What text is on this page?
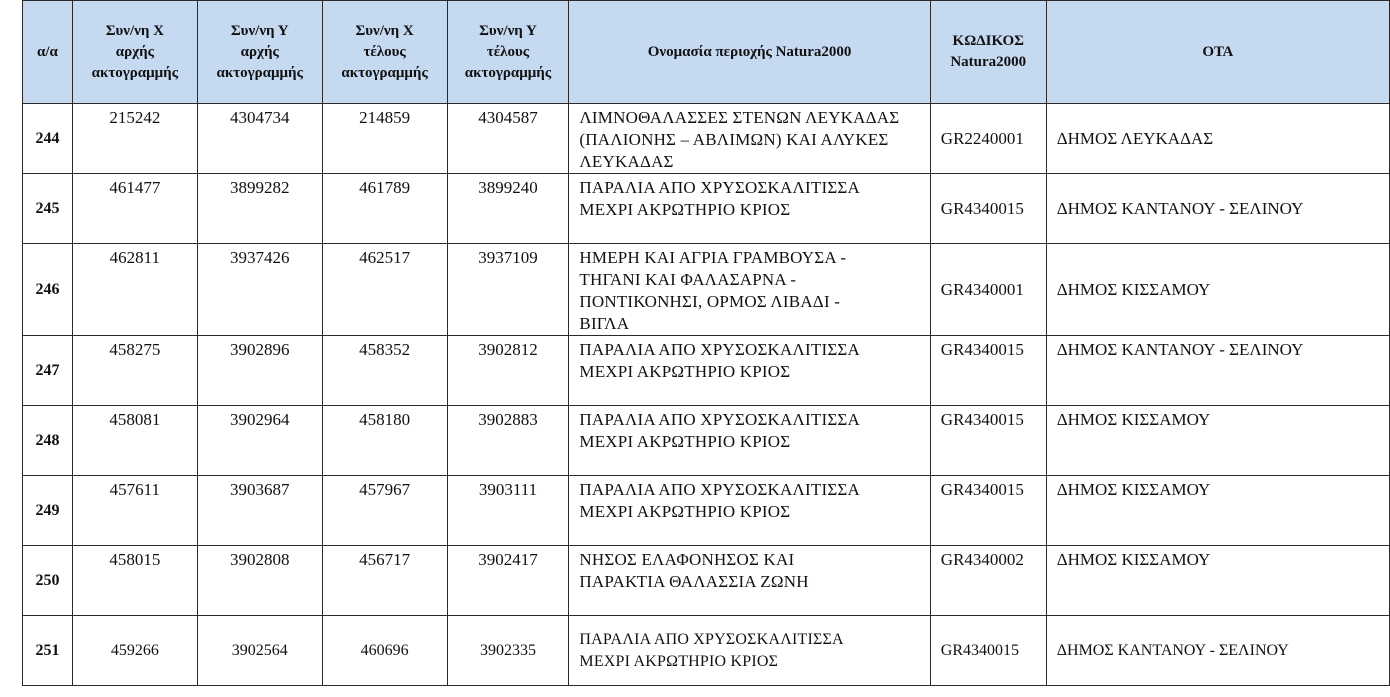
α/α	Συν/νη Χ
αρχής
ακτογραμμής	Συν/νη Υ
αρχής
ακτογραμμής	Συν/νη Χ
τέλους
ακτογραμμής	Συν/νη Υ
τέλους
ακτογραμμής	Ονομασία περιοχής Natura2000	ΚΩΔΙΚΟΣ
Natura2000	ΟΤΑ
244	215242	4304734	214859	4304587	ΛΙΜΝΟΘΑΛΑΣΣΕΣ ΣΤΕΝΩΝ ΛΕΥΚΑΔΑΣ
(ΠΑΛΙΟΝΗΣ – ΑΒΛΙΜΩΝ) ΚΑΙ ΑΛΥΚΕΣ
ΛΕΥΚΑΔΑΣ	GR2240001	ΔΗΜΟΣ ΛΕΥΚΑΔΑΣ
245	461477	3899282	461789	3899240	ΠΑΡΑΛΙΑ ΑΠΟ ΧΡΥΣΟΣΚΑΛΙΤΙΣΣΑ
ΜΕΧΡΙ ΑΚΡΩΤΗΡΙΟ ΚΡΙΟΣ	GR4340015	ΔΗΜΟΣ ΚΑΝΤΑΝΟΥ - ΣΕΛΙΝΟΥ
246	462811	3937426	462517	3937109	ΗΜΕΡΗ ΚΑΙ ΑΓΡΙΑ ΓΡΑΜΒΟΥΣΑ -
ΤΗΓΑΝΙ ΚΑΙ ΦΑΛΑΣΑΡΝΑ -
ΠΟΝΤΙΚΟΝΗΣΙ, ΟΡΜΟΣ ΛΙΒΑΔΙ -
ΒΙΓΛΑ	GR4340001	ΔΗΜΟΣ ΚΙΣΣΑΜΟΥ
247	458275	3902896	458352	3902812	ΠΑΡΑΛΙΑ ΑΠΟ ΧΡΥΣΟΣΚΑΛΙΤΙΣΣΑ
ΜΕΧΡΙ ΑΚΡΩΤΗΡΙΟ ΚΡΙΟΣ	GR4340015	ΔΗΜΟΣ ΚΑΝΤΑΝΟΥ - ΣΕΛΙΝΟΥ
248	458081	3902964	458180	3902883	ΠΑΡΑΛΙΑ ΑΠΟ ΧΡΥΣΟΣΚΑΛΙΤΙΣΣΑ
ΜΕΧΡΙ ΑΚΡΩΤΗΡΙΟ ΚΡΙΟΣ	GR4340015	ΔΗΜΟΣ ΚΙΣΣΑΜΟΥ
249	457611	3903687	457967	3903111	ΠΑΡΑΛΙΑ ΑΠΟ ΧΡΥΣΟΣΚΑΛΙΤΙΣΣΑ
ΜΕΧΡΙ ΑΚΡΩΤΗΡΙΟ ΚΡΙΟΣ	GR4340015	ΔΗΜΟΣ ΚΙΣΣΑΜΟΥ
250	458015	3902808	456717	3902417	ΝΗΣΟΣ ΕΛΑΦΟΝΗΣΟΣ ΚΑΙ
ΠΑΡΑΚΤΙΑ ΘΑΛΑΣΣΙΑ ΖΩΝΗ	GR4340002	ΔΗΜΟΣ ΚΙΣΣΑΜΟΥ
251	459266	3902564	460696	3902335	ΠΑΡΑΛΙΑ ΑΠΟ ΧΡΥΣΟΣΚΑΛΙΤΙΣΣΑ
ΜΕΧΡΙ ΑΚΡΩΤΗΡΙΟ ΚΡΙΟΣ	GR4340015	ΔΗΜΟΣ ΚΑΝΤΑΝΟΥ - ΣΕΛΙΝΟΥ
